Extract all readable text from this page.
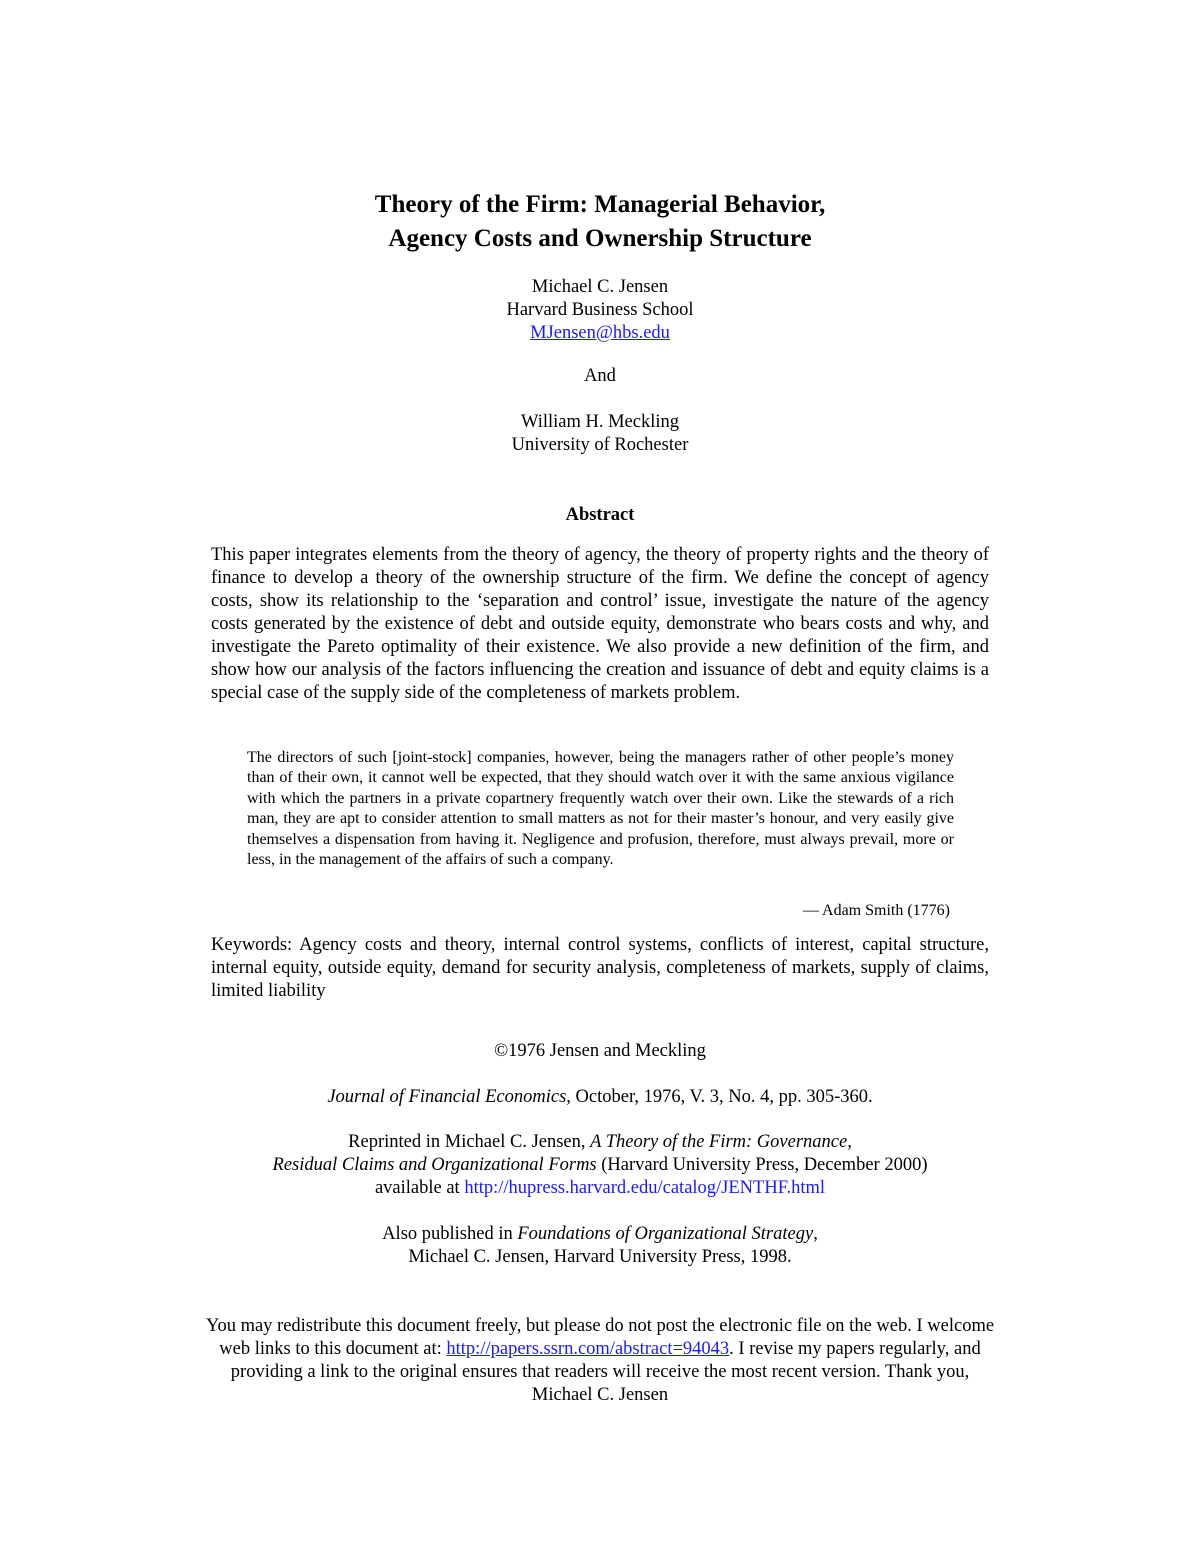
Theory of the Firm: Managerial Behavior,
Agency Costs and Ownership Structure
Michael C. Jensen
Harvard Business School
MJensen@hbs.edu
And
William H. Meckling
University of Rochester
Abstract
This paper integrates elements from the theory of agency, the theory of property rights and the theory of finance to develop a theory of the ownership structure of the firm. We define the concept of agency costs, show its relationship to the ‘separation and control’ issue, investigate the nature of the agency costs generated by the existence of debt and outside equity, demonstrate who bears costs and why, and investigate the Pareto optimality of their existence. We also provide a new definition of the firm, and show how our analysis of the factors influencing the creation and issuance of debt and equity claims is a special case of the supply side of the completeness of markets problem.
The directors of such [joint-stock] companies, however, being the managers rather of other people’s money than of their own, it cannot well be expected, that they should watch over it with the same anxious vigilance with which the partners in a private copartnery frequently watch over their own. Like the stewards of a rich man, they are apt to consider attention to small matters as not for their master’s honour, and very easily give themselves a dispensation from having it. Negligence and profusion, therefore, must always prevail, more or less, in the management of the affairs of such a company.
— Adam Smith (1776)
Keywords: Agency costs and theory, internal control systems, conflicts of interest, capital structure, internal equity, outside equity, demand for security analysis, completeness of markets, supply of claims, limited liability
©1976 Jensen and Meckling
Journal of Financial Economics, October, 1976, V. 3, No. 4, pp. 305-360.
Reprinted in Michael C. Jensen, A Theory of the Firm: Governance,
Residual Claims and Organizational Forms (Harvard University Press, December 2000)
available at http://hupress.harvard.edu/catalog/JENTHF.html
Also published in Foundations of Organizational Strategy,
Michael C. Jensen, Harvard University Press, 1998.
You may redistribute this document freely, but please do not post the electronic file on the web. I welcome
web links to this document at: http://papers.ssrn.com/abstract=94043. I revise my papers regularly, and
providing a link to the original ensures that readers will receive the most recent version. Thank you,
Michael C. Jensen
